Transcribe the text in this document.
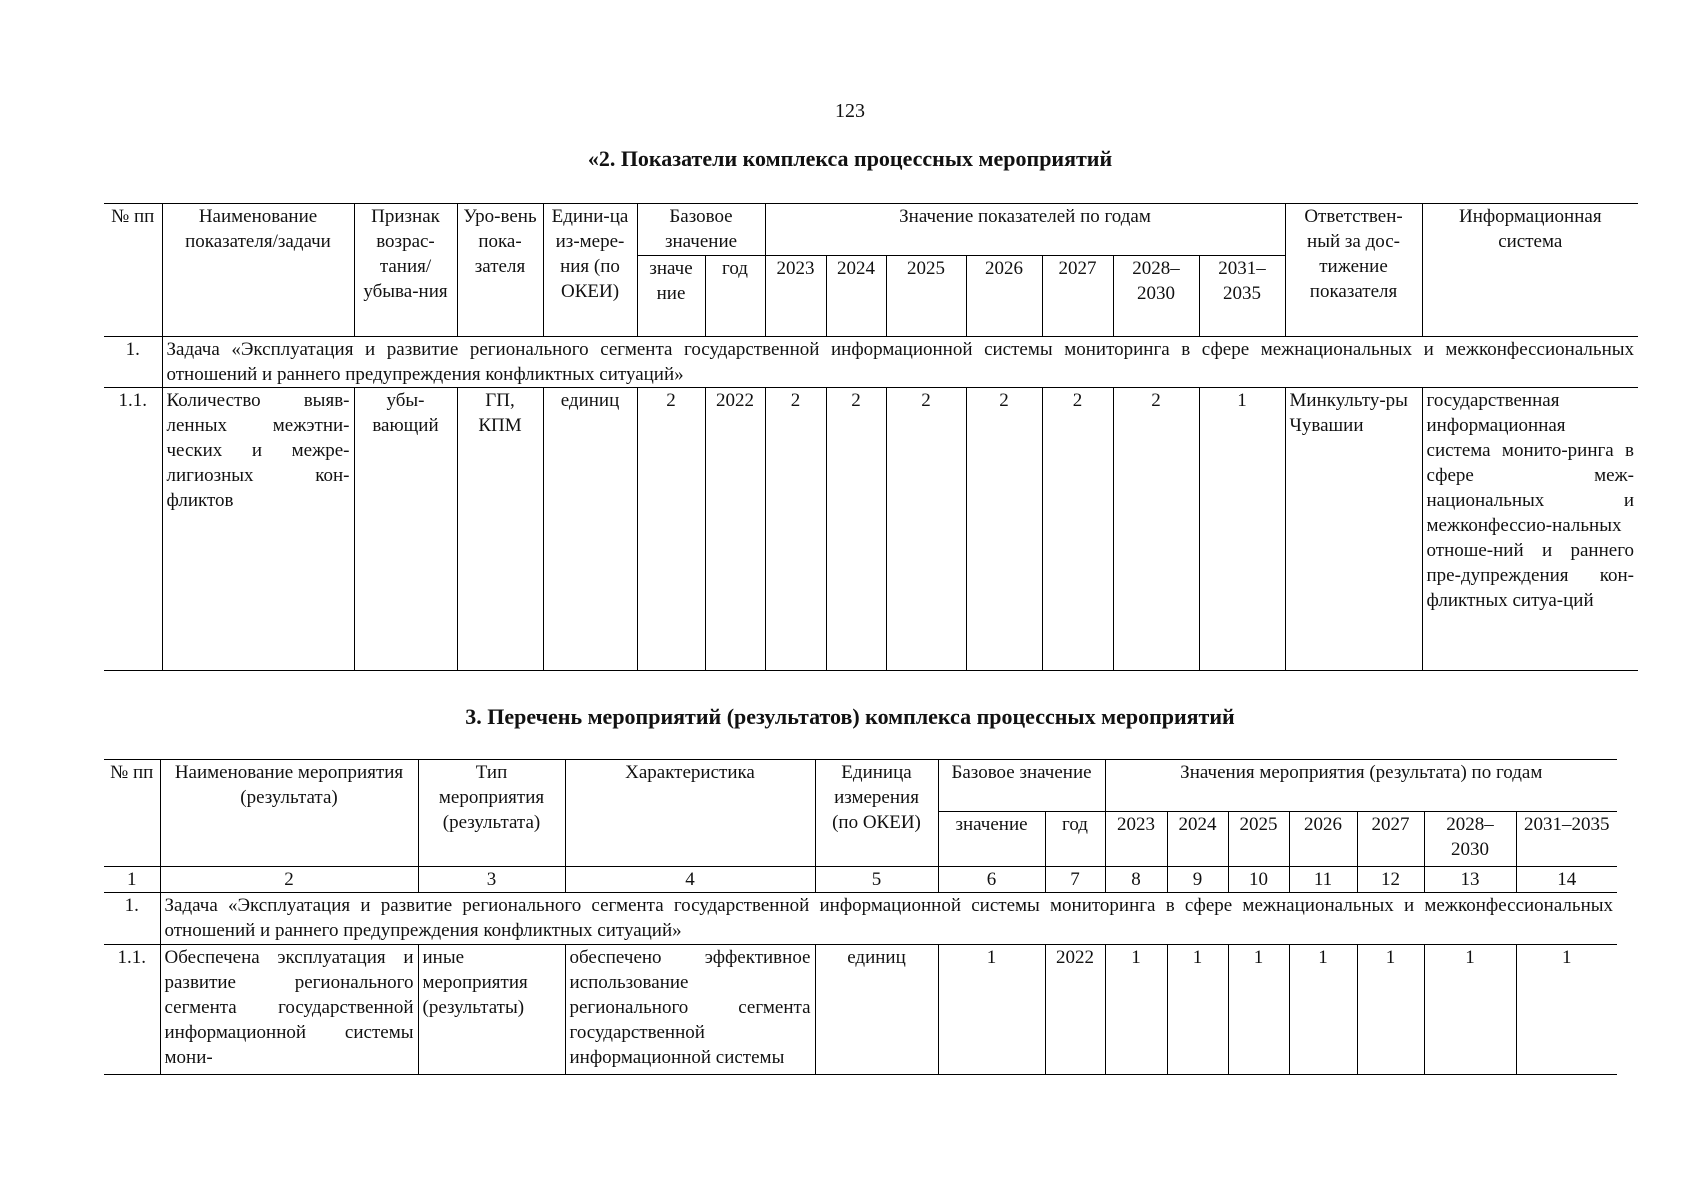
123
«2. Показатели комплекса процессных мероприятий
№ пп	Наименование показателя/задачи	Признак возрас-тания/ убыва-ния	Уро-вень пока-зателя	Едини-ца из-мере-ния (по ОКЕИ)	Базовое значение		Значение показателей по годам							Ответствен-ный за дос-тижение показателя	Информационная система
					значе ние	год	2023	2024	2025	2026	2027	2028–2030	2031–2035		
1.	Задача «Эксплуатация и развитие регионального сегмента государственной информационной системы мониторинга в сфере межнациональных и межконфессиональных отношений и раннего предупреждения конфликтных ситуаций»														
1.1.	Количество выяв-ленных межэтни-ческих и межре-лигиозных кон-фликтов	убы-вающий	ГП, КПМ	единиц	2	2022	2	2	2	2	2	2	1	Минкульту-ры Чувашии	государственная информационная система монито-ринга в сфере меж-национальных и межконфессио-нальных отноше-ний и раннего пре-дупреждения кон-фликтных ситуа-ций
3. Перечень мероприятий (результатов) комплекса процессных мероприятий
№ пп	Наименование мероприятия (результата)	Тип мероприятия (результата)	Характеристика	Единица измерения (по ОКЕИ)	Базовое значение		Значения мероприятия (результата) по годам						
					значение	год	2023	2024	2025	2026	2027	2028–2030	2031–2035
1	2	3	4	5	6	7	8	9	10	11	12	13	14
1.	Задача «Эксплуатация и развитие регионального сегмента государственной информационной системы мониторинга в сфере межнациональных и межконфессиональных отношений и раннего предупреждения конфликтных ситуаций»												
1.1.	Обеспечена эксплуатация и развитие регионального сегмента государственной информационной системы мони-	иные мероприятия (результаты)	обеспечено эффективное использование регионального сегмента государственной информационной системы	единиц	1	2022	1	1	1	1	1	1	1
